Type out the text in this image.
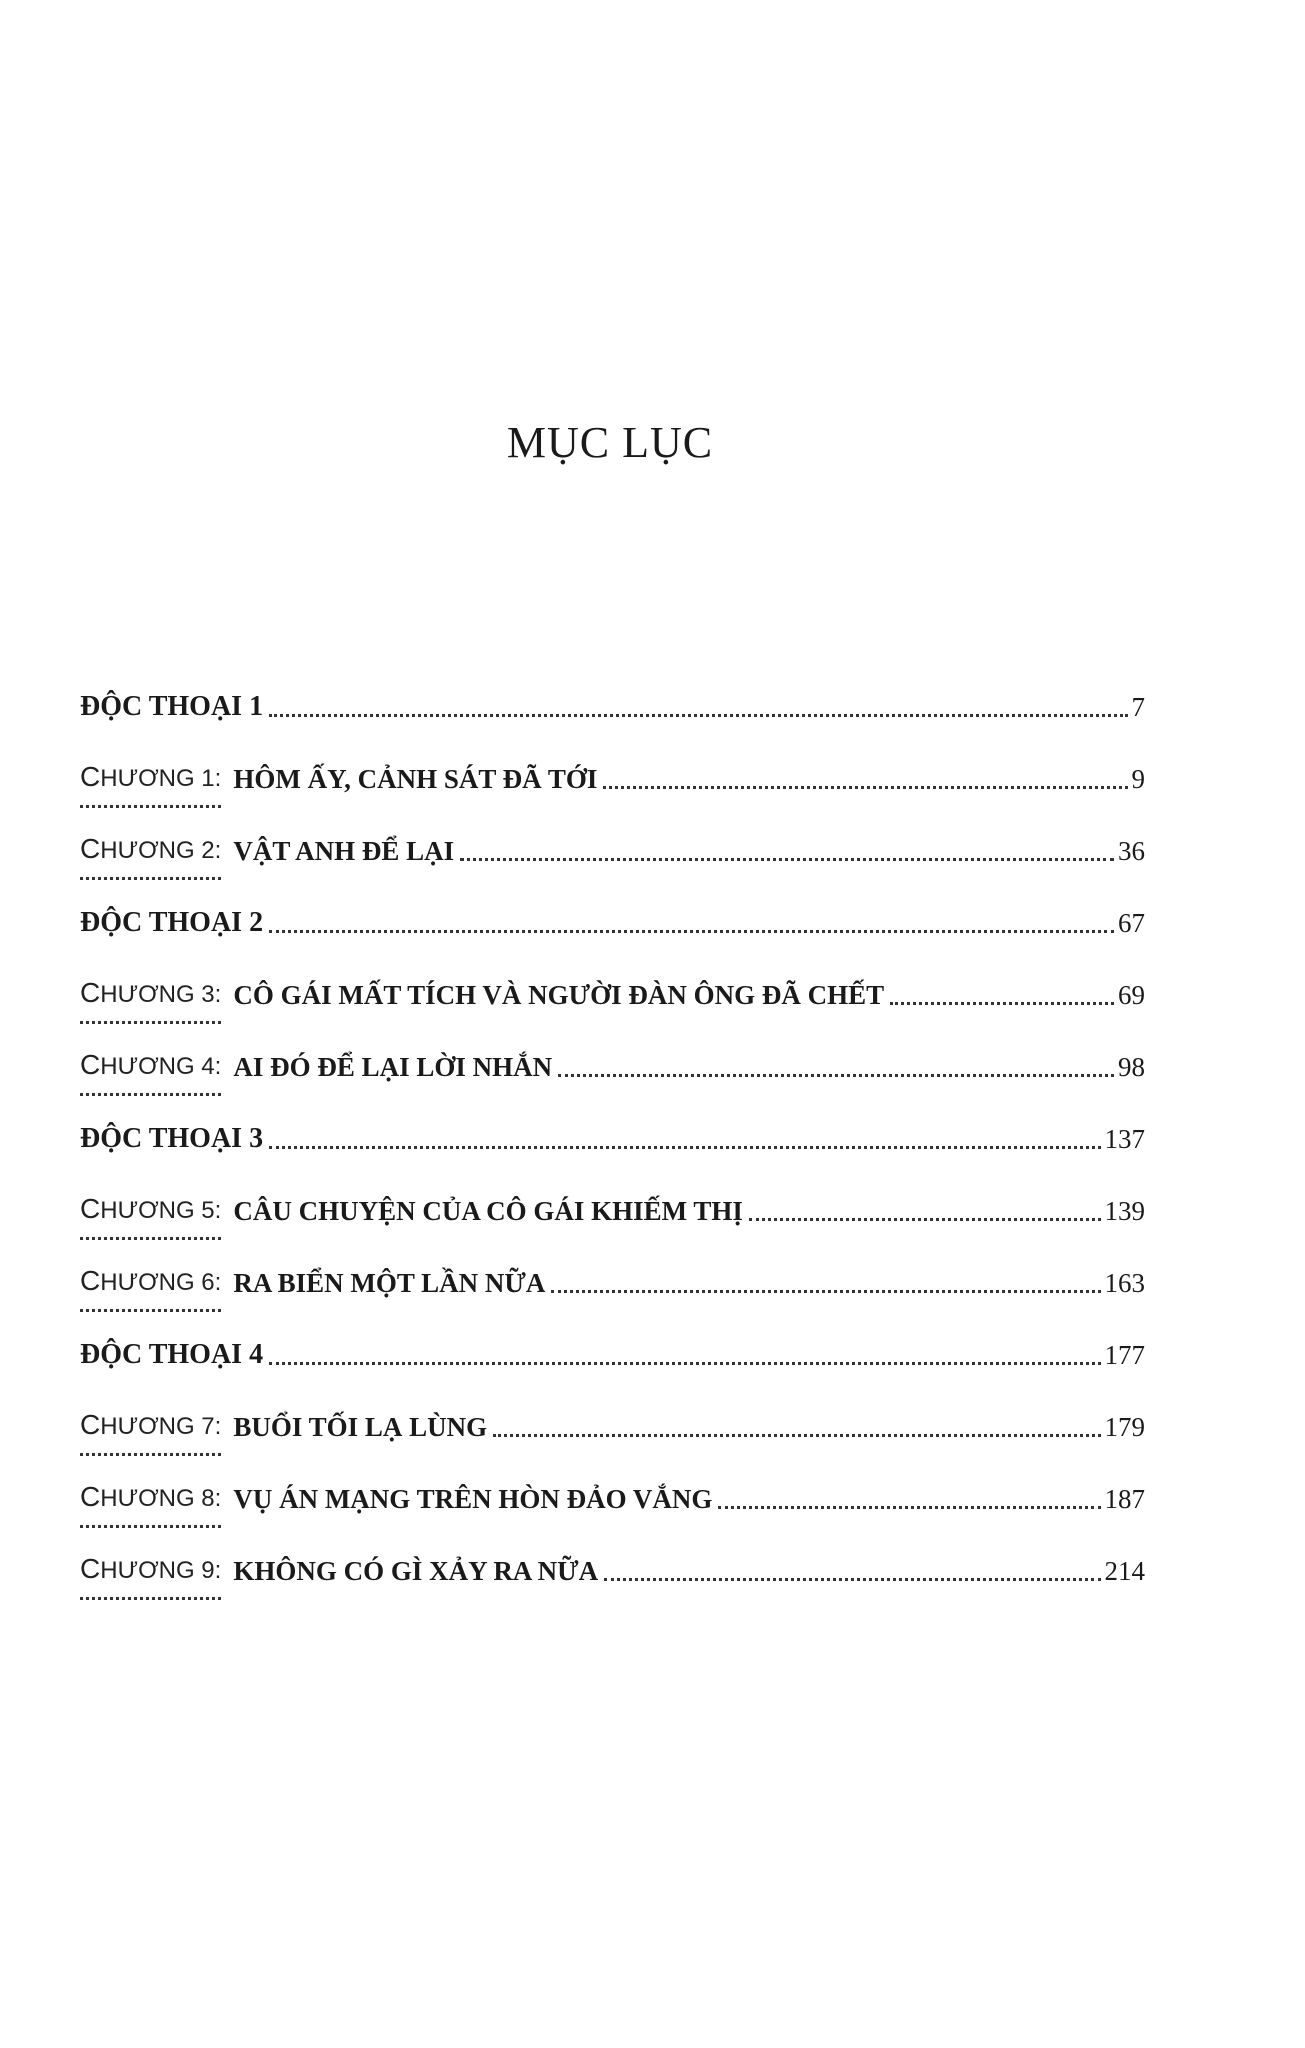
MỤC LỤC
ĐỘC THOẠI 1	7
CHƯƠNG 1: HÔM ẤY, CẢNH SÁT ĐÃ TỚI	9
CHƯƠNG 2: VẬT ANH ĐỂ LẠI	36
ĐỘC THOẠI 2	67
CHƯƠNG 3: CÔ GÁI MẤT TÍCH VÀ NGƯỜI ĐÀN ÔNG ĐÃ CHẾT	69
CHƯƠNG 4: AI ĐÓ ĐỂ LẠI LỜI NHẮN	98
ĐỘC THOẠI 3	137
CHƯƠNG 5: CÂU CHUYỆN CỦA CÔ GÁI KHIẾM THỊ	139
CHƯƠNG 6: RA BIỂN MỘT LẦN NỮA	163
ĐỘC THOẠI 4	177
CHƯƠNG 7: BUỔI TỐI LẠ LÙNG	179
CHƯƠNG 8: VỤ ÁN MẠNG TRÊN HÒN ĐẢO VẮNG	187
CHƯƠNG 9: KHÔNG CÓ GÌ XẢY RA NỮA	214
